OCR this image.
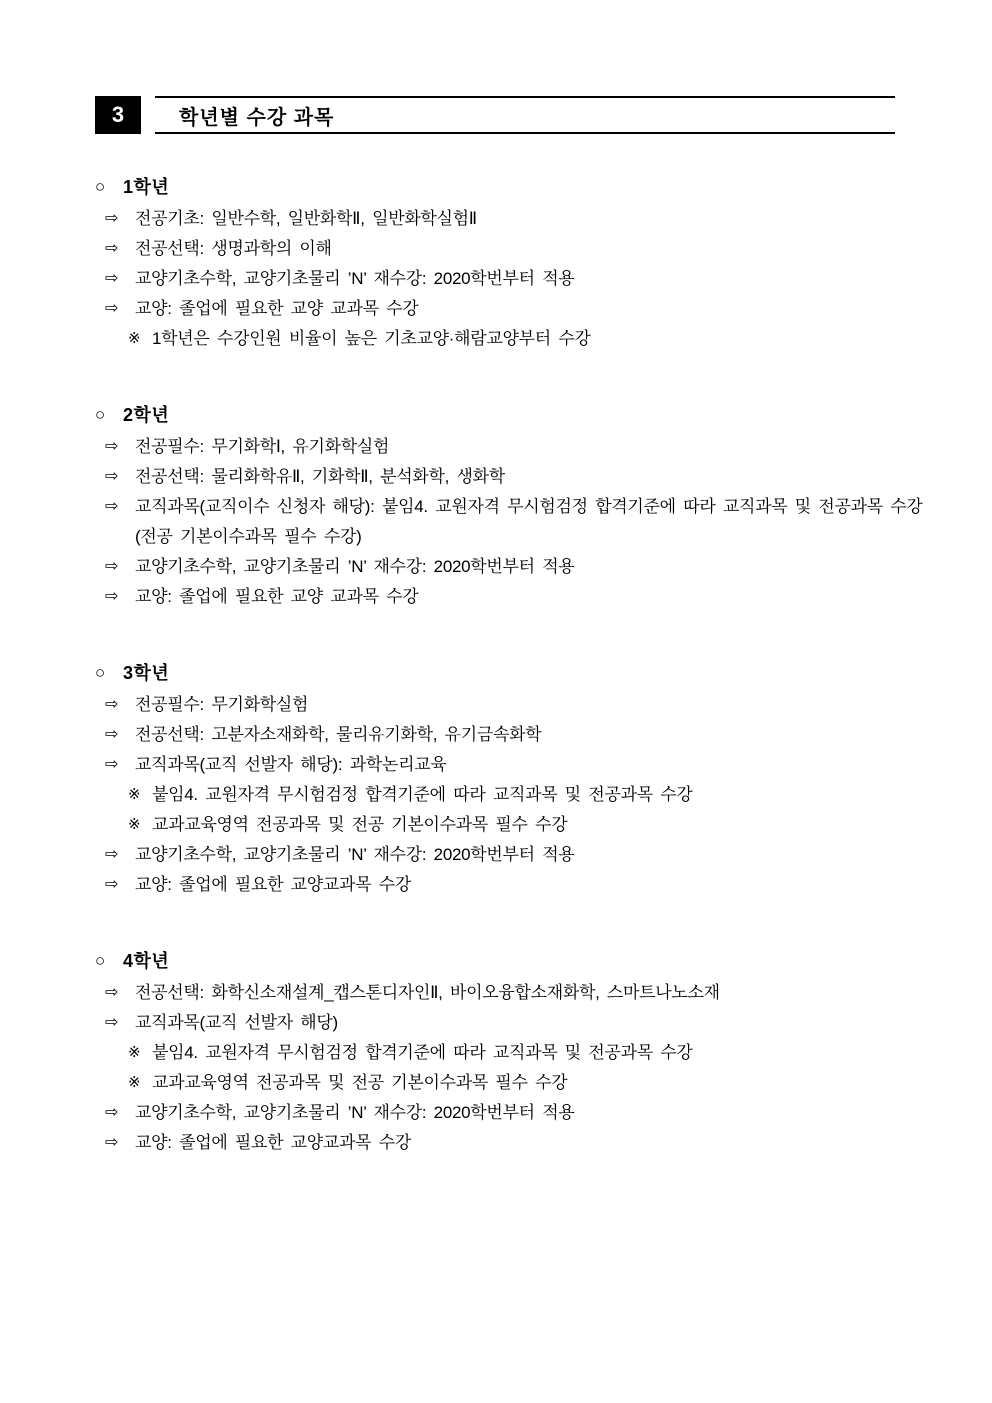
3	학년별 수강 과목
○ 1학년
⇨ 전공기초: 일반수학, 일반화학Ⅱ, 일반화학실험Ⅱ
⇨ 전공선택: 생명과학의 이해
⇨ 교양기초수학, 교양기초물리 ’N’ 재수강: 2020학번부터 적용
⇨ 교양: 졸업에 필요한 교양 교과목 수강
※ 1학년은 수강인원 비율이 높은 기초교양·해람교양부터 수강
○ 2학년
⇨ 전공필수: 무기화학Ⅰ, 유기화학실험
⇨ 전공선택: 물리화학유Ⅱ, 기화학Ⅱ, 분석화학, 생화학
⇨ 교직과목(교직이수 신청자 해당): 붙임4. 교원자격 무시험검정 합격기준에 따라 교직과목 및 전공과목 수강 (전공 기본이수과목 필수 수강)
⇨ 교양기초수학, 교양기초물리 ’N’ 재수강: 2020학번부터 적용
⇨ 교양: 졸업에 필요한 교양 교과목 수강
○ 3학년
⇨ 전공필수: 무기화학실험
⇨ 전공선택: 고분자소재화학, 물리유기화학, 유기금속화학
⇨ 교직과목(교직 선발자 해당): 과학논리교육
※ 붙임4. 교원자격 무시험검정 합격기준에 따라 교직과목 및 전공과목 수강
※ 교과교육영역 전공과목 및 전공 기본이수과목 필수 수강
⇨ 교양기초수학, 교양기초물리 ’N’ 재수강: 2020학번부터 적용
⇨ 교양: 졸업에 필요한 교양교과목 수강
○ 4학년
⇨ 전공선택: 화학신소재설계_캡스톤디자인Ⅱ, 바이오융합소재화학, 스마트나노소재
⇨ 교직과목(교직 선발자 해당)
※ 붙임4. 교원자격 무시험검정 합격기준에 따라 교직과목 및 전공과목 수강
※ 교과교육영역 전공과목 및 전공 기본이수과목 필수 수강
⇨ 교양기초수학, 교양기초물리 ’N’ 재수강: 2020학번부터 적용
⇨ 교양: 졸업에 필요한 교양교과목 수강
